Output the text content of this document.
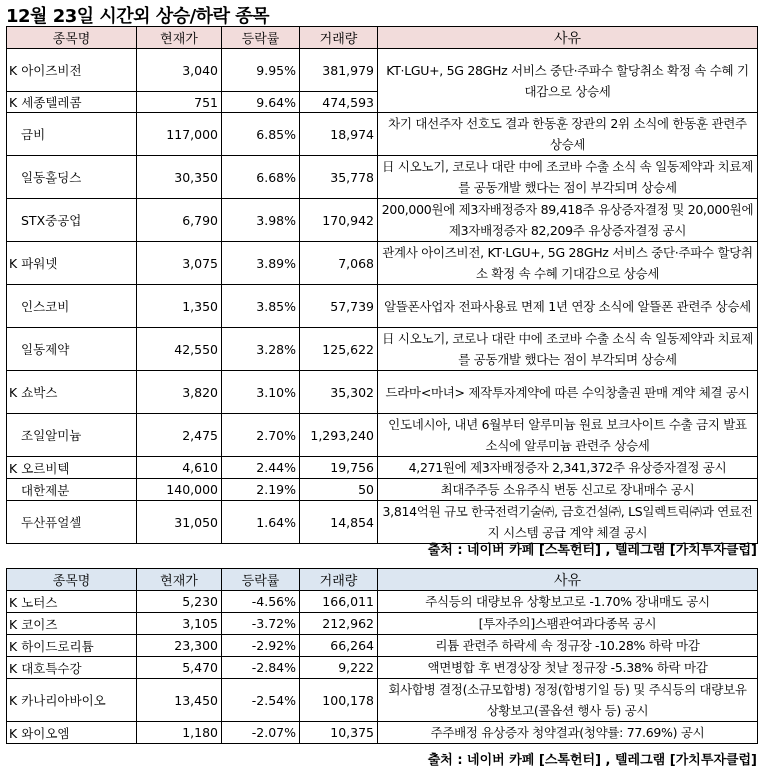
12월 23일 시간외 상승/하락 종목
종목명	현재가	등락률	거래량	사유
K 아이즈비전	3,040	9.95%	381,979	KT·LGU+, 5G 28GHz 서비스 중단·주파수 할당취소 확정 속 수혜 기대감으로 상승세
K 세종텔레콤	751	9.64%	474,593	
금비	117,000	6.85%	18,974	차기 대선주자 선호도 결과 한동훈 장관의 2위 소식에 한동훈 관련주 상승세
일동홀딩스	30,350	6.68%	35,778	日 시오노기, 코로나 대란 中에 조코바 수출 소식 속 일동제약과 치료제를 공동개발 했다는 점이 부각되며 상승세
STX중공업	6,790	3.98%	170,942	200,000원에 제3자배정증자 89,418주 유상증자결정 및 20,000원에 제3자배정증자 82,209주 유상증자결정 공시
K 파워넷	3,075	3.89%	7,068	관계사 아이즈비전, KT·LGU+, 5G 28GHz 서비스 중단·주파수 할당취소 확정 속 수혜 기대감으로 상승세
인스코비	1,350	3.85%	57,739	알뜰폰사업자 전파사용료 면제 1년 연장 소식에 알뜰폰 관련주 상승세
일동제약	42,550	3.28%	125,622	日 시오노기, 코로나 대란 中에 조코바 수출 소식 속 일동제약과 치료제를 공동개발 했다는 점이 부각되며 상승세
K 쇼박스	3,820	3.10%	35,302	드라마<마녀> 제작투자계약에 따른 수익창출권 판매 계약 체결 공시
조일알미늄	2,475	2.70%	1,293,240	인도네시아, 내년 6월부터 알루미늄 원료 보크사이트 수출 금지 발표 소식에 알루미늄 관련주 상승세
K 오르비텍	4,610	2.44%	19,756	4,271원에 제3자배정증자 2,341,372주 유상증자결정 공시
대한제분	140,000	2.19%	50	최대주주등 소유주식 변동 신고로 장내매수 공시
두산퓨얼셀	31,050	1.64%	14,854	3,814억원 규모 한국전력기술㈜, 금호건설㈜, LS일렉트릭㈜과 연료전지 시스템 공급 계약 체결 공시
출처 : 네이버 카페 [스톡헌터] , 텔레그램 [가치투자클럽]
종목명	현재가	등락률	거래량	사유
K 노터스	5,230	-4.56%	166,011	주식등의 대량보유 상황보고로 -1.70% 장내매도 공시
K 코이즈	3,105	-3.72%	212,962	[투자주의]스팸관여과다종목 공시
K 하이드로리튬	23,300	-2.92%	66,264	리튬 관련주 하락세 속 정규장 -10.28% 하락 마감
K 대호특수강	5,470	-2.84%	9,222	액면병합 후 변경상장 첫날 정규장 -5.38% 하락 마감
K 카나리아바이오	13,450	-2.54%	100,178	회사합병 결정(소규모합병) 정정(합병기일 등) 및 주식등의 대량보유 상황보고(콜옵션 행사 등) 공시
K 와이오엠	1,180	-2.07%	10,375	주주배정 유상증자 청약결과(청약률: 77.69%) 공시
출처 : 네이버 카페 [스톡헌터] , 텔레그램 [가치투자클럽]
